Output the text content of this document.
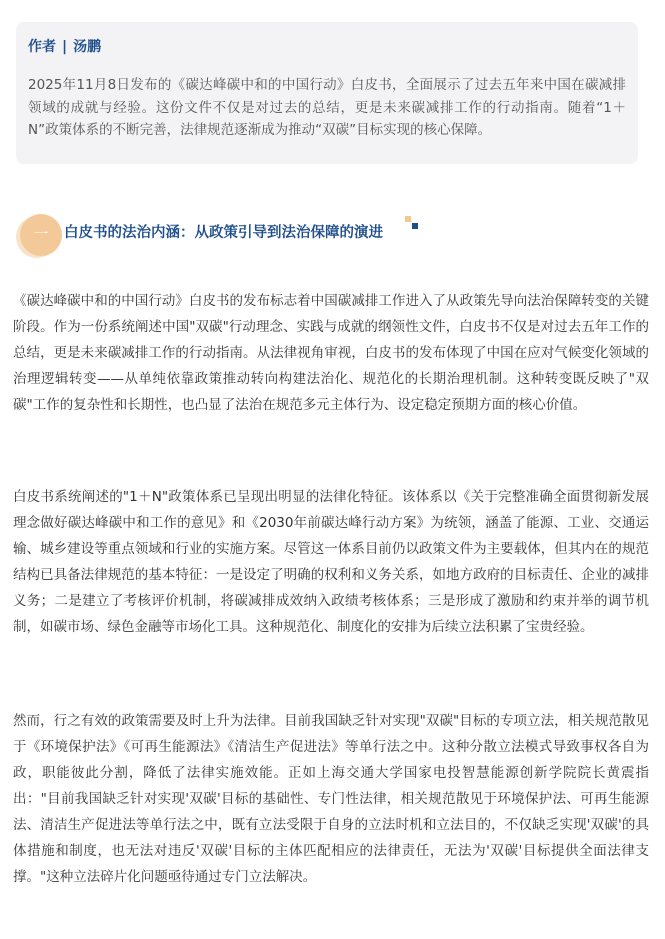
作者 | 汤鹏

2025年11月8日发布的《碳达峰碳中和的中国行动》白皮书，全面展示了过去五年来中国在碳减排领域的成就与经验。这份文件不仅是对过去的总结，更是未来碳减排工作的行动指南。随着“1＋N”政策体系的不断完善，法律规范逐渐成为推动“双碳”目标实现的核心保障。

一	白皮书的法治内涵：从政策引导到法治保障的演进

《碳达峰碳中和的中国行动》白皮书的发布标志着中国碳减排工作进入了从政策先导向法治保障转变的关键阶段。作为一份系统阐述中国"双碳"行动理念、实践与成就的纲领性文件，白皮书不仅是对过去五年工作的总结，更是未来碳减排工作的行动指南。从法律视角审视，白皮书的发布体现了中国在应对气候变化领域的治理逻辑转变——从单纯依靠政策推动转向构建法治化、规范化的长期治理机制。这种转变既反映了"双碳"工作的复杂性和长期性，也凸显了法治在规范多元主体行为、设定稳定预期方面的核心价值。

白皮书系统阐述的"1＋N"政策体系已呈现出明显的法律化特征。该体系以《关于完整准确全面贯彻新发展理念做好碳达峰碳中和工作的意见》和《2030年前碳达峰行动方案》为统领，涵盖了能源、工业、交通运输、城乡建设等重点领域和行业的实施方案。尽管这一体系目前仍以政策文件为主要载体，但其内在的规范结构已具备法律规范的基本特征：一是设定了明确的权利和义务关系，如地方政府的目标责任、企业的减排义务；二是建立了考核评价机制，将碳减排成效纳入政绩考核体系；三是形成了激励和约束并举的调节机制，如碳市场、绿色金融等市场化工具。这种规范化、制度化的安排为后续立法积累了宝贵经验。

然而，行之有效的政策需要及时上升为法律。目前我国缺乏针对实现"双碳"目标的专项立法，相关规范散见于《环境保护法》《可再生能源法》《清洁生产促进法》等单行法之中。这种分散立法模式导致事权各自为政，职能彼此分割，降低了法律实施效能。正如上海交通大学国家电投智慧能源创新学院院长黄震指出："目前我国缺乏针对实现'双碳'目标的基础性、专门性法律，相关规范散见于环境保护法、可再生能源法、清洁生产促进法等单行法之中，既有立法受限于自身的立法时机和立法目的，不仅缺乏实现'双碳'的具体措施和制度，也无法对违反'双碳'目标的主体匹配相应的法律责任，无法为'双碳'目标提供全面法律支撑。"这种立法碎片化问题亟待通过专门立法解决。
